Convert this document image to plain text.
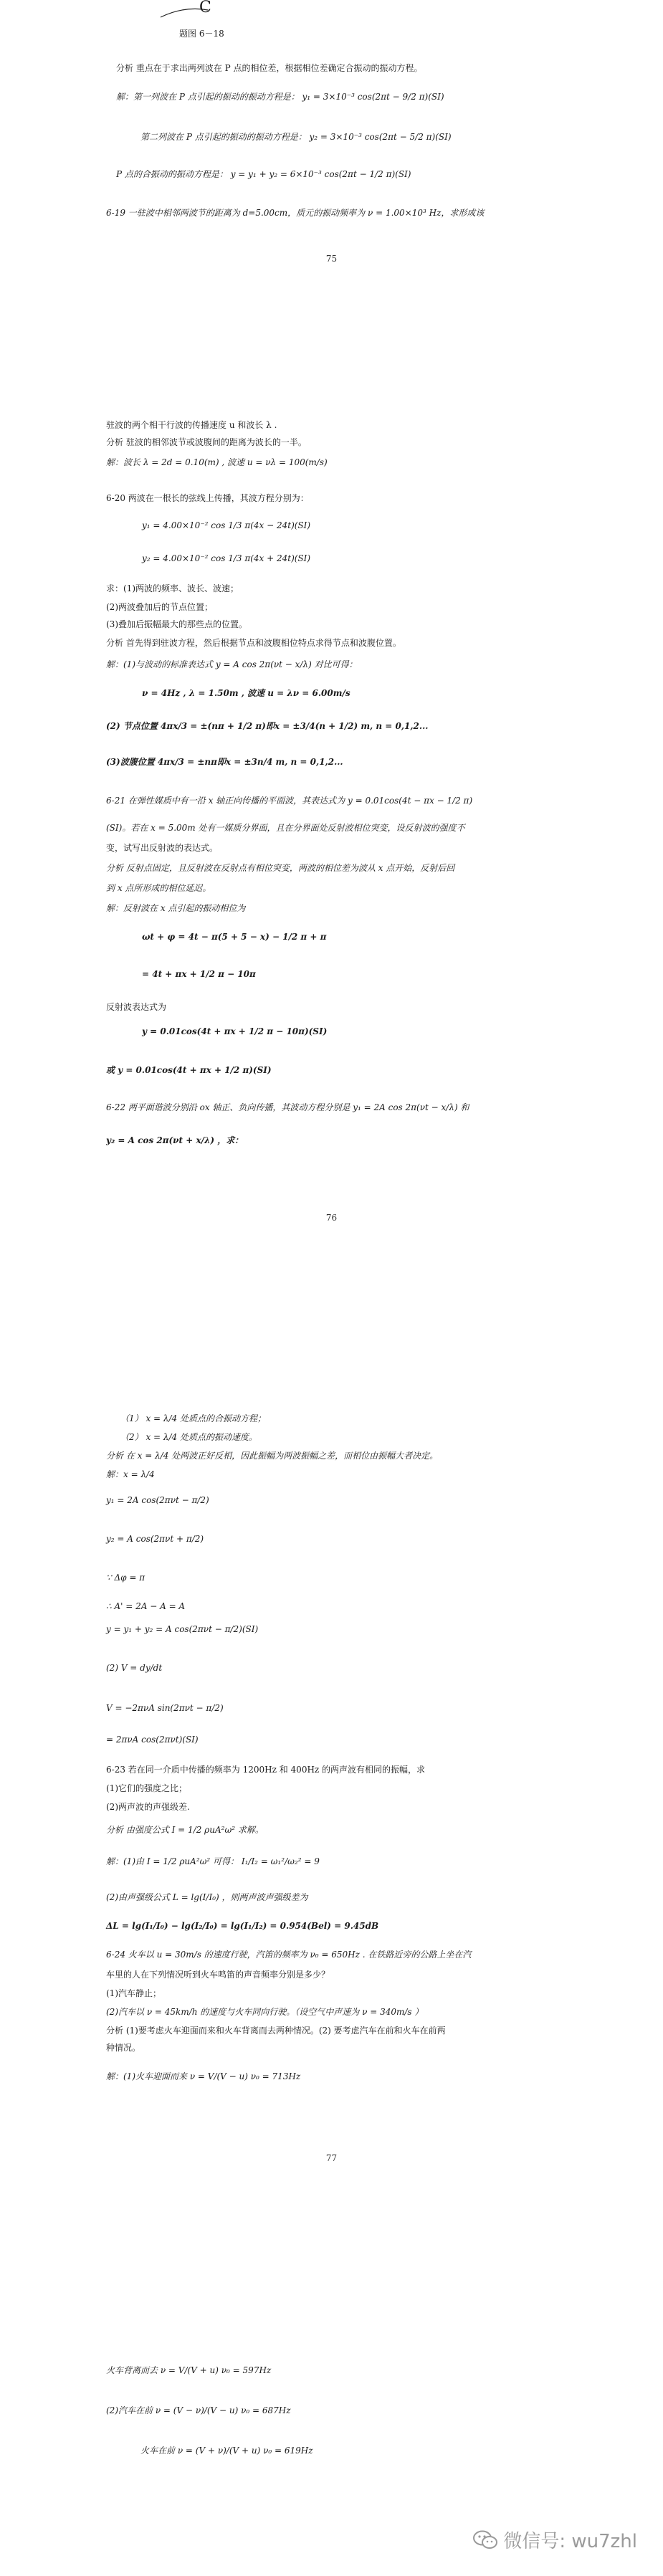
C
题图 6－18
分析 重点在于求出两列波在 P 点的相位差，根据相位差确定合振动的振动方程。
解：第一列波在 P 点引起的振动的振动方程是： y₁ = 3×10⁻³ cos(2πt − 9/2 π)(SI)
第二列波在 P 点引起的振动的振动方程是： y₂ = 3×10⁻³ cos(2πt − 5/2 π)(SI)
P 点的合振动的振动方程是： y = y₁ + y₂ = 6×10⁻³ cos(2πt − 1/2 π)(SI)
6-19 一驻波中相邻两波节的距离为 d=5.00cm，质元的振动频率为 ν = 1.00×10³ Hz，求形成该
75
驻波的两个相干行波的传播速度 u 和波长 λ .
分析 驻波的相邻波节或波腹间的距离为波长的一半。
解：波长 λ = 2d = 0.10(m) , 波速 u = νλ = 100(m/s)
6-20 两波在一根长的弦线上传播，其波方程分别为：
y₁ = 4.00×10⁻² cos 1/3 π(4x − 24t)(SI)
y₂ = 4.00×10⁻² cos 1/3 π(4x + 24t)(SI)
求：(1)两波的频率、波长、波速；
(2)两波叠加后的节点位置；
(3)叠加后振幅最大的那些点的位置。
分析 首先得到驻波方程，然后根据节点和波腹相位特点求得节点和波腹位置。
解：(1)与波动的标准表达式 y = A cos 2π(νt − x/λ) 对比可得：
ν = 4Hz , λ = 1.50m , 波速 u = λν = 6.00m/s
(2) 节点位置 4πx/3 = ±(nπ + 1/2 π)即x = ±3/4(n + 1/2) m, n = 0,1,2...
(3)波腹位置 4πx/3 = ±nπ即x = ±3n/4 m, n = 0,1,2...
6-21 在弹性媒质中有一沿 x 轴正向传播的平面波，其表达式为 y = 0.01cos(4t − πx − 1/2 π)
(SI)。若在 x = 5.00m 处有一媒质分界面，且在分界面处反射波相位突变，设反射波的强度不
变，试写出反射波的表达式。
分析 反射点固定，且反射波在反射点有相位突变，两波的相位差为波从 x 点开始，反射后回
到 x 点所形成的相位延迟。
解：反射波在 x 点引起的振动相位为
ωt + φ = 4t − π(5 + 5 − x) − 1/2 π + π
= 4t + πx + 1/2 π − 10π
反射波表达式为
y = 0.01cos(4t + πx + 1/2 π − 10π)(SI)
或 y = 0.01cos(4t + πx + 1/2 π)(SI)
6-22 两平面谐波分别沿 ox 轴正、负向传播，其波动方程分别是 y₁ = 2A cos 2π(νt − x/λ) 和
y₂ = A cos 2π(νt + x/λ) ，求：
76
（1） x = λ/4 处质点的合振动方程；
（2） x = λ/4 处质点的振动速度。
分析 在 x = λ/4 处两波正好反相，因此振幅为两波振幅之差，而相位由振幅大者决定。
解：x = λ/4
y₁ = 2A cos(2πνt − π/2)
y₂ = A cos(2πνt + π/2)
∵ Δφ = π
∴ A' = 2A − A = A
y = y₁ + y₂ = A cos(2πνt − π/2)(SI)
(2) V = dy/dt
V = −2πνA sin(2πνt − π/2)
= 2πνA cos(2πνt)(SI)
6-23 若在同一介质中传播的频率为 1200Hz 和 400Hz 的两声波有相同的振幅，求
(1)它们的强度之比；
(2)两声波的声强级差.
分析 由强度公式 I = 1/2 ρuA²ω² 求解。
解：(1)由 I = 1/2 ρuA²ω² 可得： I₁/I₂ = ω₁²/ω₂² = 9
(2)由声强级公式 L = lg(I/I₀) ，则两声波声强级差为
ΔL = lg(I₁/I₀) − lg(I₂/I₀) = lg(I₁/I₂) = 0.954(Bel) = 9.45dB
6-24 火车以 u = 30m/s 的速度行驶，汽笛的频率为 ν₀ = 650Hz . 在铁路近旁的公路上坐在汽
车里的人在下列情况听到火车鸣笛的声音频率分别是多少？
(1)汽车静止；
(2)汽车以 ν = 45km/h 的速度与火车同向行驶。（设空气中声速为 ν = 340m/s ）
分析 (1)要考虑火车迎面而来和火车背离而去两种情况。(2) 要考虑汽车在前和火车在前两
种情况。
解：(1)火车迎面而来 ν = V/(V − u) ν₀ = 713Hz
77
火车背离而去 ν = V/(V + u) ν₀ = 597Hz
(2)汽车在前 ν = (V − ν)/(V − u) ν₀ = 687Hz
火车在前 ν = (V + ν)/(V + u) ν₀ = 619Hz
微信号: wu7zhl
